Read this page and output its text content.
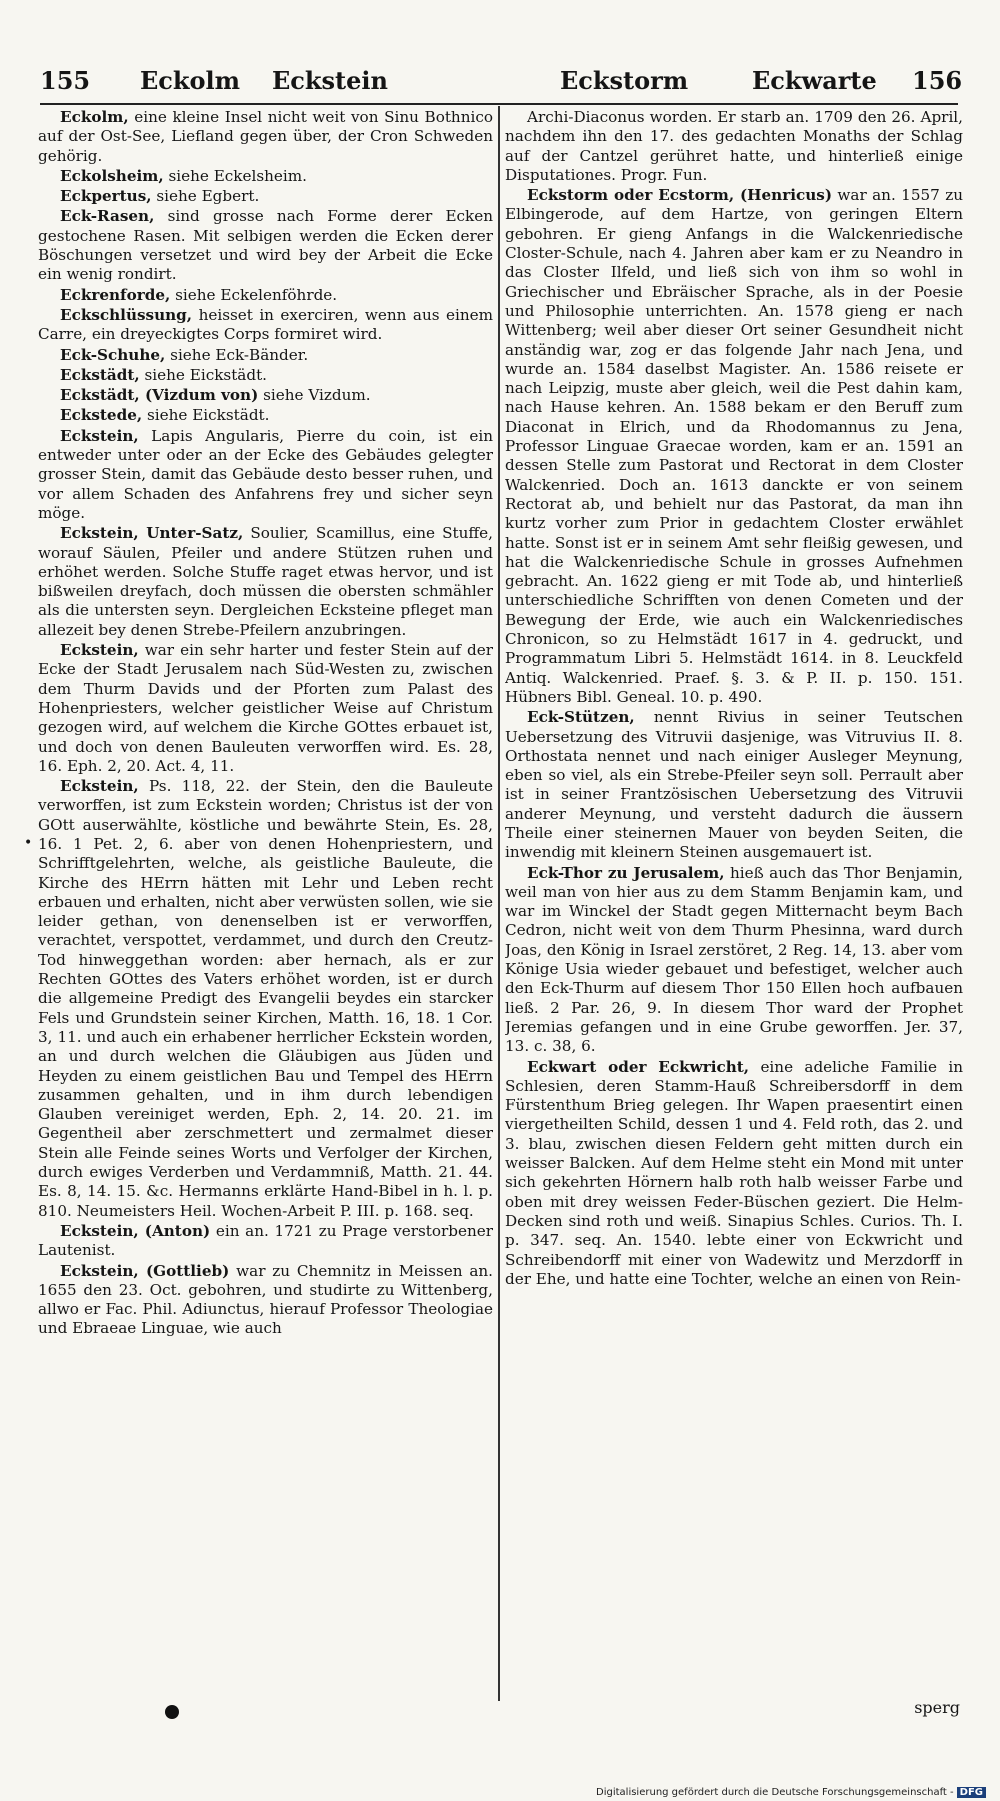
155 Eckolm Eckstein	Eckstorm	Eckwarte 156

Eckolm, eine kleine Insel nicht weit von Sinu Bothnico auf der Ost-See, Liefland gegen über, der Cron Schweden gehörig.

Eckolsheim, siehe Eckelsheim.

Eckpertus, siehe Egbert.

Eck-Rasen, sind grosse nach Forme derer Ecken gestochene Rasen. Mit selbigen werden die Ecken derer Böschungen versetzet und wird bey der Arbeit die Ecke ein wenig rondirt.

Eckrenforde, siehe Eckelenföhrde.

Eckschlüssung, heisset in exerciren, wenn aus einem Carre, ein dreyeckigtes Corps formiret wird.

Eck-Schuhe, siehe Eck-Bänder.

Eckstädt, siehe Eickstädt.

Eckstädt, (Vizdum von) siehe Vizdum.

Eckstede, siehe Eickstädt.

Eckstein, Lapis Angularis, Pierre du coin, ist ein entweder unter oder an der Ecke des Gebäudes gelegter grosser Stein, damit das Gebäude desto besser ruhen, und vor allem Schaden des Anfahrens frey und sicher seyn möge.

Eckstein, Unter-Satz, Soulier, Scamillus, eine Stuffe, worauf Säulen, Pfeiler und andere Stützen ruhen und erhöhet werden. Solche Stuffe raget etwas hervor, und ist bißweilen dreyfach, doch müssen die obersten schmähler als die untersten seyn. Dergleichen Ecksteine pfleget man allezeit bey denen Strebe-Pfeilern anzubringen.

Eckstein, war ein sehr harter und fester Stein auf der Ecke der Stadt Jerusalem nach Süd-Westen zu, zwischen dem Thurm Davids und der Pforten zum Palast des Hohenpriesters, welcher geistlicher Weise auf Christum gezogen wird, auf welchem die Kirche GOttes erbauet ist, und doch von denen Bauleuten verworffen wird. Es. 28, 16. Eph. 2, 20. Act. 4, 11.

Eckstein, Ps. 118, 22. der Stein, den die Bauleute verworffen, ist zum Eckstein worden; Christus ist der von GOtt auserwählte, köstliche und bewährte Stein, Es. 28, 16. 1 Pet. 2, 6. aber von denen Hohenpriestern, und Schrifftgelehrten, welche, als geistliche Bauleute, die Kirche des HErrn hätten mit Lehr und Leben recht erbauen und erhalten, nicht aber verwüsten sollen, wie sie leider gethan, von denenselben ist er verworffen, verachtet, verspottet, verdammet, und durch den Creutz-Tod hinweggethan worden: aber hernach, als er zur Rechten GOttes des Vaters erhöhet worden, ist er durch die allgemeine Predigt des Evangelii beydes ein starcker Fels und Grundstein seiner Kirchen, Matth. 16, 18. 1 Cor. 3, 11. und auch ein erhabener herrlicher Eckstein worden, an und durch welchen die Gläubigen aus Jüden und Heyden zu einem geistlichen Bau und Tempel des HErrn zusammen gehalten, und in ihm durch lebendigen Glauben vereiniget werden, Eph. 2, 14. 20. 21. im Gegentheil aber zerschmettert und zermalmet dieser Stein alle Feinde seines Worts und Verfolger der Kirchen, durch ewiges Verderben und Verdammniß, Matth. 21. 44. Es. 8, 14. 15. &c. Hermanns erklärte Hand-Bibel in h. l. p. 810. Neumeisters Heil. Wochen-Arbeit P. III. p. 168. seq.

Eckstein, (Anton) ein an. 1721 zu Prage verstorbener Lautenist.

Eckstein, (Gottlieb) war zu Chemnitz in Meissen an. 1655 den 23. Oct. gebohren, und studirte zu Wittenberg, allwo er Fac. Phil. Adiunctus, hierauf Professor Theologiae und Ebraeae Linguae, wie auch

Archi-Diaconus worden. Er starb an. 1709 den 26. April, nachdem ihn den 17. des gedachten Monaths der Schlag auf der Cantzel gerühret hatte, und hinterließ einige Disputationes. Progr. Fun.

Eckstorm oder Ecstorm, (Henricus) war an. 1557 zu Elbingerode, auf dem Hartze, von geringen Eltern gebohren. Er gieng Anfangs in die Walckenriedische Closter-Schule, nach 4. Jahren aber kam er zu Neandro in das Closter Ilfeld, und ließ sich von ihm so wohl in Griechischer und Ebräischer Sprache, als in der Poesie und Philosophie unterrichten. An. 1578 gieng er nach Wittenberg; weil aber dieser Ort seiner Gesundheit nicht anständig war, zog er das folgende Jahr nach Jena, und wurde an. 1584 daselbst Magister. An. 1586 reisete er nach Leipzig, muste aber gleich, weil die Pest dahin kam, nach Hause kehren. An. 1588 bekam er den Beruff zum Diaconat in Elrich, und da Rhodomannus zu Jena, Professor Linguae Graecae worden, kam er an. 1591 an dessen Stelle zum Pastorat und Rectorat in dem Closter Walckenried. Doch an. 1613 danckte er von seinem Rectorat ab, und behielt nur das Pastorat, da man ihn kurtz vorher zum Prior in gedachtem Closter erwählet hatte. Sonst ist er in seinem Amt sehr fleißig gewesen, und hat die Walckenriedische Schule in grosses Aufnehmen gebracht. An. 1622 gieng er mit Tode ab, und hinterließ unterschiedliche Schrifften von denen Cometen und der Bewegung der Erde, wie auch ein Walckenriedisches Chronicon, so zu Helmstädt 1617 in 4. gedruckt, und Programmatum Libri 5. Helmstädt 1614. in 8. Leuckfeld Antiq. Walckenried. Praef. §. 3. & P. II. p. 150. 151. Hübners Bibl. Geneal. 10. p. 490.

Eck-Stützen, nennt Rivius in seiner Teutschen Uebersetzung des Vitruvii dasjenige, was Vitruvius II. 8. Orthostata nennet und nach einiger Ausleger Meynung, eben so viel, als ein Strebe-Pfeiler seyn soll. Perrault aber ist in seiner Frantzösischen Uebersetzung des Vitruvii anderer Meynung, und versteht dadurch die äussern Theile einer steinernen Mauer von beyden Seiten, die inwendig mit kleinern Steinen ausgemauert ist.

Eck-Thor zu Jerusalem, hieß auch das Thor Benjamin, weil man von hier aus zu dem Stamm Benjamin kam, und war im Winckel der Stadt gegen Mitternacht beym Bach Cedron, nicht weit von dem Thurm Phesinna, ward durch Joas, den König in Israel zerstöret, 2 Reg. 14, 13. aber vom Könige Usia wieder gebauet und befestiget, welcher auch den Eck-Thurm auf diesem Thor 150 Ellen hoch aufbauen ließ. 2 Par. 26, 9. In diesem Thor ward der Prophet Jeremias gefangen und in eine Grube geworffen. Jer. 37, 13. c. 38, 6.

Eckwart oder Eckwricht, eine adeliche Familie in Schlesien, deren Stamm-Hauß Schreibersdorff in dem Fürstenthum Brieg gelegen. Ihr Wapen praesentirt einen viergetheilten Schild, dessen 1 und 4. Feld roth, das 2. und 3. blau, zwischen diesen Feldern geht mitten durch ein weisser Balcken. Auf dem Helme steht ein Mond mit unter sich gekehrten Hörnern halb roth halb weisser Farbe und oben mit drey weissen Feder-Büschen geziert. Die Helm-Decken sind roth und weiß. Sinapius Schles. Curios. Th. I. p. 347. seq. An. 1540. lebte einer von Eckwricht und Schreibendorff mit einer von Wadewitz und Merzdorff in der Ehe, und hatte eine Tochter, welche an einen von Rein-

•
sperg
Digitalisierung gefördert durch die Deutsche Forschungsgemeinschaft - DFG
